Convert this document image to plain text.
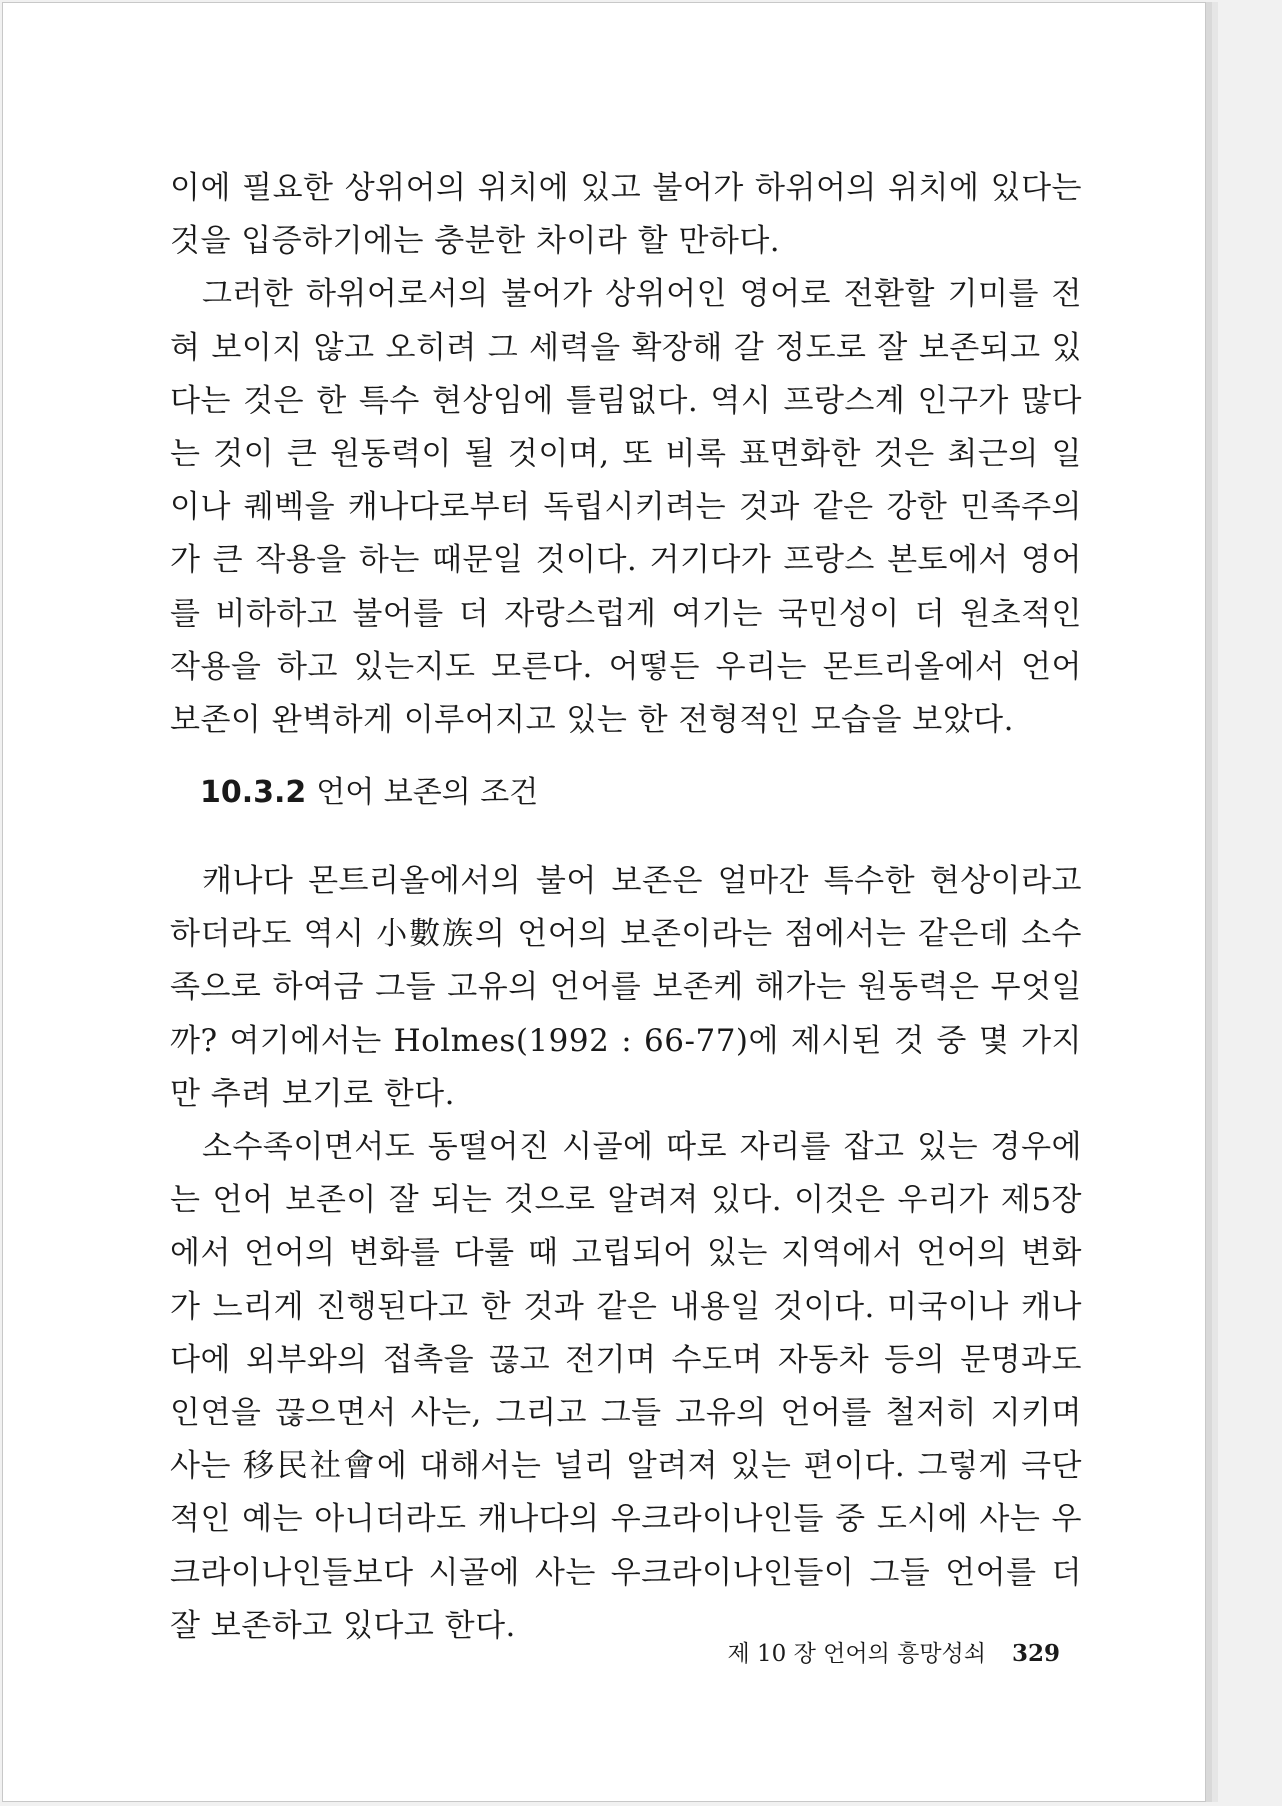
이에 필요한 상위어의 위치에 있고 불어가 하위어의 위치에 있다는 것을 입증하기에는 충분한 차이라 할 만하다.

그러한 하위어로서의 불어가 상위어인 영어로 전환할 기미를 전혀 보이지 않고 오히려 그 세력을 확장해 갈 정도로 잘 보존되고 있다는 것은 한 특수 현상임에 틀림없다. 역시 프랑스계 인구가 많다는 것이 큰 원동력이 될 것이며, 또 비록 표면화한 것은 최근의 일이나 퀘벡을 캐나다로부터 독립시키려는 것과 같은 강한 민족주의가 큰 작용을 하는 때문일 것이다. 거기다가 프랑스 본토에서 영어를 비하하고 불어를 더 자랑스럽게 여기는 국민성이 더 원초적인 작용을 하고 있는지도 모른다. 어떻든 우리는 몬트리올에서 언어 보존이 완벽하게 이루어지고 있는 한 전형적인 모습을 보았다.

10.3.2 언어 보존의 조건

캐나다 몬트리올에서의 불어 보존은 얼마간 특수한 현상이라고 하더라도 역시 小數族의 언어의 보존이라는 점에서는 같은데 소수족으로 하여금 그들 고유의 언어를 보존케 해가는 원동력은 무엇일까? 여기에서는 Holmes(1992 : 66-77)에 제시된 것 중 몇 가지만 추려 보기로 한다.

소수족이면서도 동떨어진 시골에 따로 자리를 잡고 있는 경우에는 언어 보존이 잘 되는 것으로 알려져 있다. 이것은 우리가 제5장에서 언어의 변화를 다룰 때 고립되어 있는 지역에서 언어의 변화가 느리게 진행된다고 한 것과 같은 내용일 것이다. 미국이나 캐나다에 외부와의 접촉을 끊고 전기며 수도며 자동차 등의 문명과도 인연을 끊으면서 사는, 그리고 그들 고유의 언어를 철저히 지키며 사는 移民社會에 대해서는 널리 알려져 있는 편이다. 그렇게 극단적인 예는 아니더라도 캐나다의 우크라이나인들 중 도시에 사는 우크라이나인들보다 시골에 사는 우크라이나인들이 그들 언어를 더 잘 보존하고 있다고 한다.

제 10 장 언어의 흥망성쇠 329
